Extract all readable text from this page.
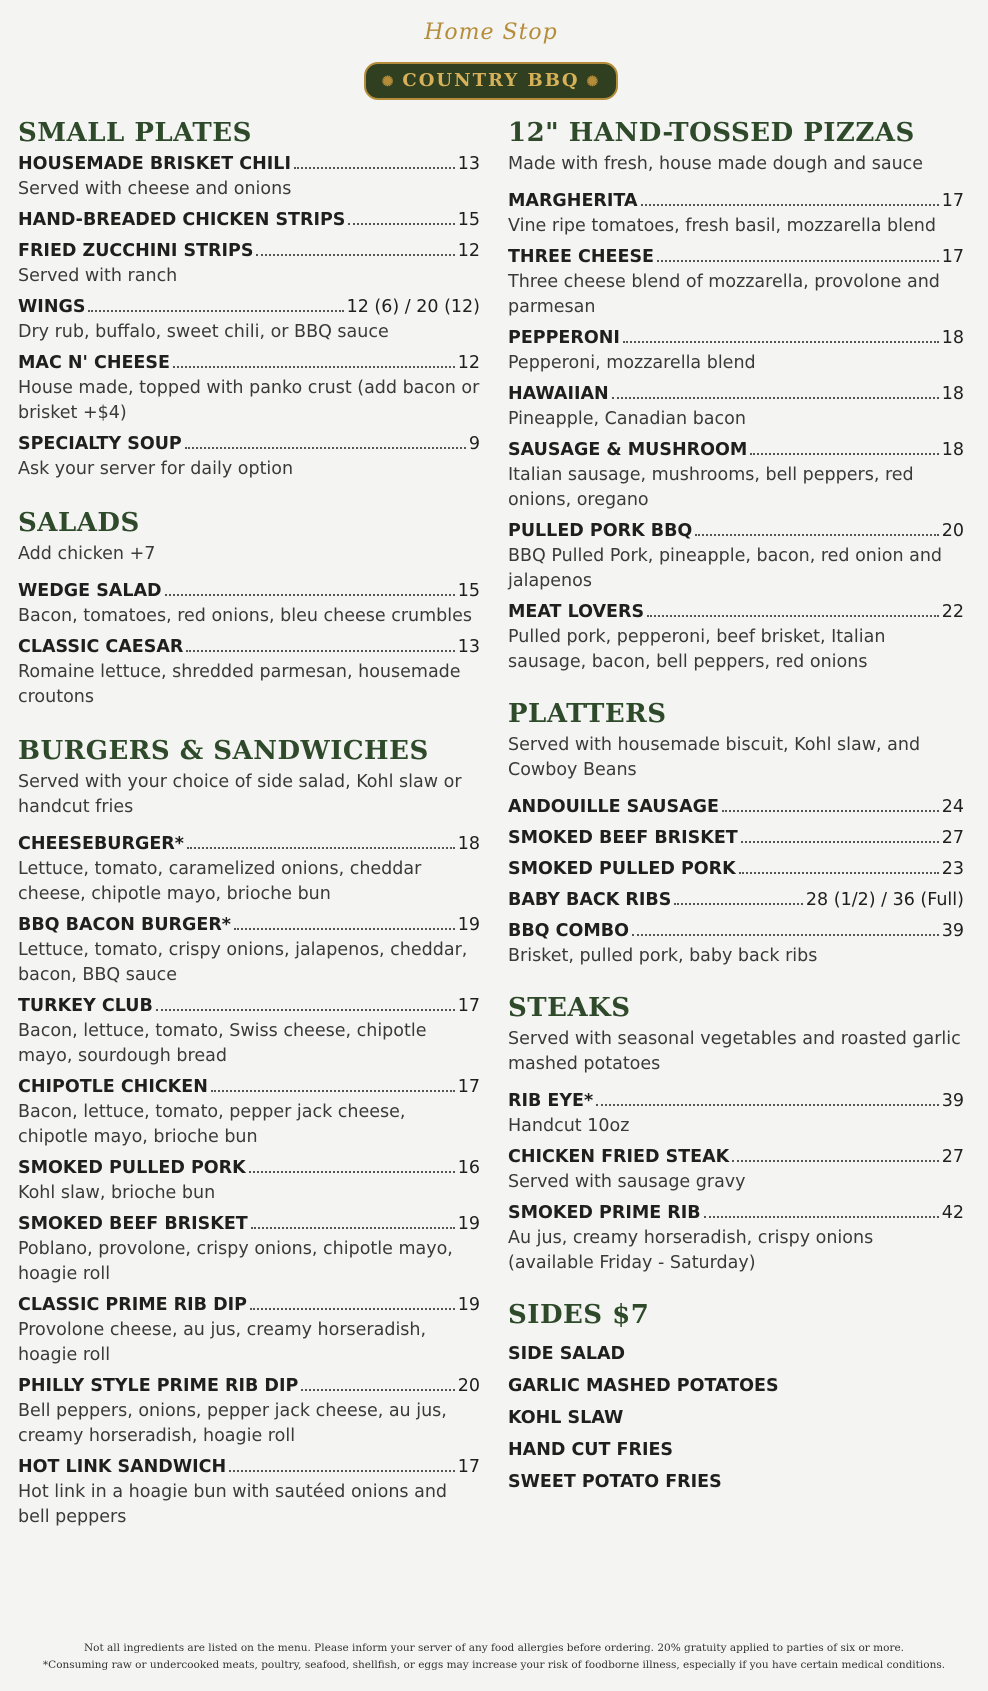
Home Stop
✺ COUNTRY BBQ ✺
SMALL PLATES
HOUSEMADE BRISKET CHILI	13
Served with cheese and onions
HAND-BREADED CHICKEN STRIPS	15
FRIED ZUCCHINI STRIPS	12
Served with ranch
WINGS	12 (6) / 20 (12)
Dry rub, buffalo, sweet chili, or BBQ sauce
MAC N' CHEESE	12
House made, topped with panko crust (add bacon or brisket +$4)
SPECIALTY SOUP	9
Ask your server for daily option
SALADS
Add chicken +7
WEDGE SALAD	15
Bacon, tomatoes, red onions, bleu cheese crumbles
CLASSIC CAESAR	13
Romaine lettuce, shredded parmesan, housemade croutons
BURGERS & SANDWICHES
Served with your choice of side salad, Kohl slaw or handcut fries
CHEESEBURGER*	18
Lettuce, tomato, caramelized onions, cheddar cheese, chipotle mayo, brioche bun
BBQ BACON BURGER*	19
Lettuce, tomato, crispy onions, jalapenos, cheddar, bacon, BBQ sauce
TURKEY CLUB	17
Bacon, lettuce, tomato, Swiss cheese, chipotle mayo, sourdough bread
CHIPOTLE CHICKEN	17
Bacon, lettuce, tomato, pepper jack cheese, chipotle mayo, brioche bun
SMOKED PULLED PORK	16
Kohl slaw, brioche bun
SMOKED BEEF BRISKET	19
Poblano, provolone, crispy onions, chipotle mayo, hoagie roll
CLASSIC PRIME RIB DIP	19
Provolone cheese, au jus, creamy horseradish, hoagie roll
PHILLY STYLE PRIME RIB DIP	20
Bell peppers, onions, pepper jack cheese, au jus, creamy horseradish, hoagie roll
HOT LINK SANDWICH	17
Hot link in a hoagie bun with sautéed onions and bell peppers
12" HAND-TOSSED PIZZAS
Made with fresh, house made dough and sauce
MARGHERITA	17
Vine ripe tomatoes, fresh basil, mozzarella blend
THREE CHEESE	17
Three cheese blend of mozzarella, provolone and parmesan
PEPPERONI	18
Pepperoni, mozzarella blend
HAWAIIAN	18
Pineapple, Canadian bacon
SAUSAGE & MUSHROOM	18
Italian sausage, mushrooms, bell peppers, red onions, oregano
PULLED PORK BBQ	20
BBQ Pulled Pork, pineapple, bacon, red onion and jalapenos
MEAT LOVERS	22
Pulled pork, pepperoni, beef brisket, Italian sausage, bacon, bell peppers, red onions
PLATTERS
Served with housemade biscuit, Kohl slaw, and Cowboy Beans
ANDOUILLE SAUSAGE	24
SMOKED BEEF BRISKET	27
SMOKED PULLED PORK	23
BABY BACK RIBS	28 (1/2) / 36 (Full)
BBQ COMBO	39
Brisket, pulled pork, baby back ribs
STEAKS
Served with seasonal vegetables and roasted garlic mashed potatoes
RIB EYE*	39
Handcut 10oz
CHICKEN FRIED STEAK	27
Served with sausage gravy
SMOKED PRIME RIB	42
Au jus, creamy horseradish, crispy onions (available Friday - Saturday)
SIDES $7
SIDE SALAD
GARLIC MASHED POTATOES
KOHL SLAW
HAND CUT FRIES
SWEET POTATO FRIES
Not all ingredients are listed on the menu. Please inform your server of any food allergies before ordering. 20% gratuity applied to parties of six or more.
*Consuming raw or undercooked meats, poultry, seafood, shellfish, or eggs may increase your risk of foodborne illness, especially if you have certain medical conditions.
